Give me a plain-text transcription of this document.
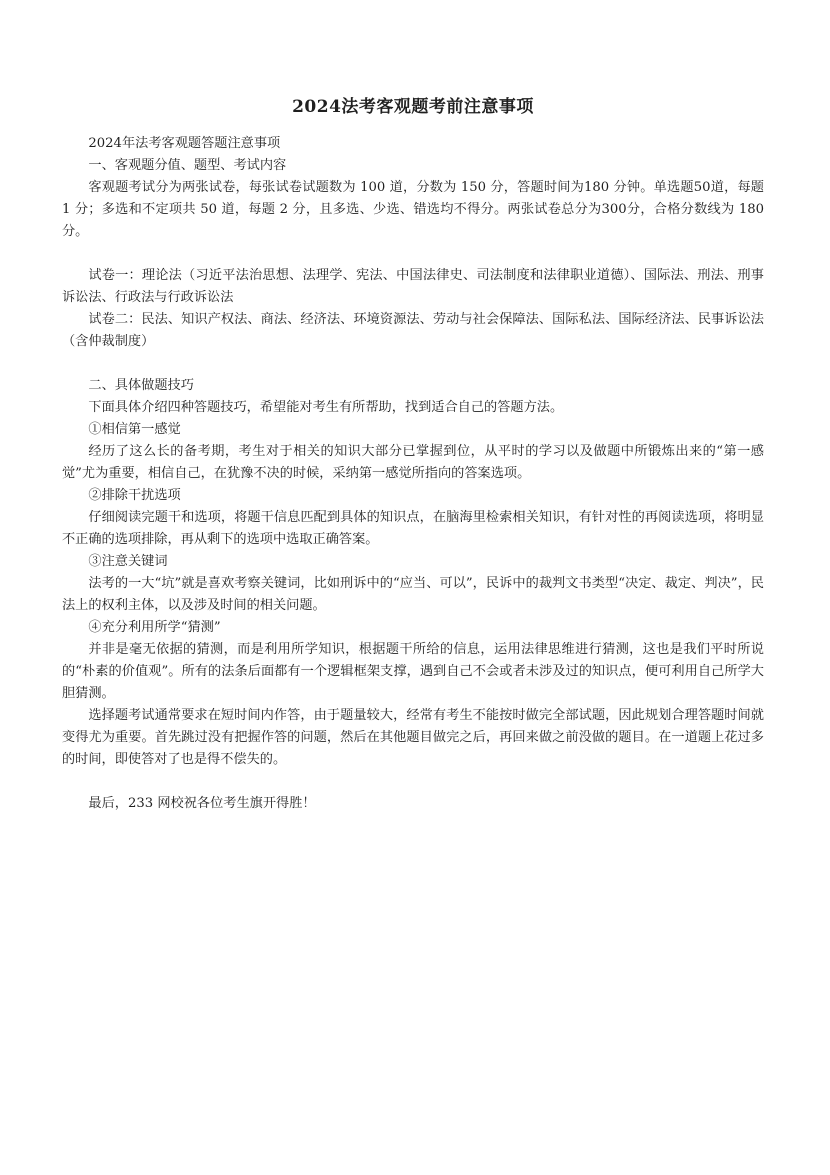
2024法考客观题考前注意事项

2024年法考客观题答题注意事项

一、客观题分值、题型、考试内容

客观题考试分为两张试卷，每张试卷试题数为 100 道，分数为 150 分，答题时间为180 分钟。单选题50道，每题 1 分；多选和不定项共 50 道，每题 2 分，且多选、少选、错选均不得分。两张试卷总分为300分，合格分数线为 180 分。

试卷一：理论法（习近平法治思想、法理学、宪法、中国法律史、司法制度和法律职业道德）、国际法、刑法、刑事诉讼法、行政法与行政诉讼法

试卷二：民法、知识产权法、商法、经济法、环境资源法、劳动与社会保障法、国际私法、国际经济法、民事诉讼法（含仲裁制度）

二、具体做题技巧

下面具体介绍四种答题技巧，希望能对考生有所帮助，找到适合自己的答题方法。

①相信第一感觉

经历了这么长的备考期，考生对于相关的知识大部分已掌握到位，从平时的学习以及做题中所锻炼出来的“第一感觉”尤为重要，相信自己，在犹豫不决的时候，采纳第一感觉所指向的答案选项。

②排除干扰选项

仔细阅读完题干和选项，将题干信息匹配到具体的知识点，在脑海里检索相关知识，有针对性的再阅读选项，将明显不正确的选项排除，再从剩下的选项中选取正确答案。

③注意关键词

法考的一大“坑”就是喜欢考察关键词，比如刑诉中的“应当、可以”，民诉中的裁判文书类型“决定、裁定、判决”，民法上的权利主体，以及涉及时间的相关问题。

④充分利用所学“猜测”

并非是毫无依据的猜测，而是利用所学知识，根据题干所给的信息，运用法律思维进行猜测，这也是我们平时所说的“朴素的价值观”。所有的法条后面都有一个逻辑框架支撑，遇到自己不会或者未涉及过的知识点，便可利用自己所学大胆猜测。

选择题考试通常要求在短时间内作答，由于题量较大，经常有考生不能按时做完全部试题，因此规划合理答题时间就变得尤为重要。首先跳过没有把握作答的问题，然后在其他题目做完之后，再回来做之前没做的题目。在一道题上花过多的时间，即使答对了也是得不偿失的。

最后，233 网校祝各位考生旗开得胜！
